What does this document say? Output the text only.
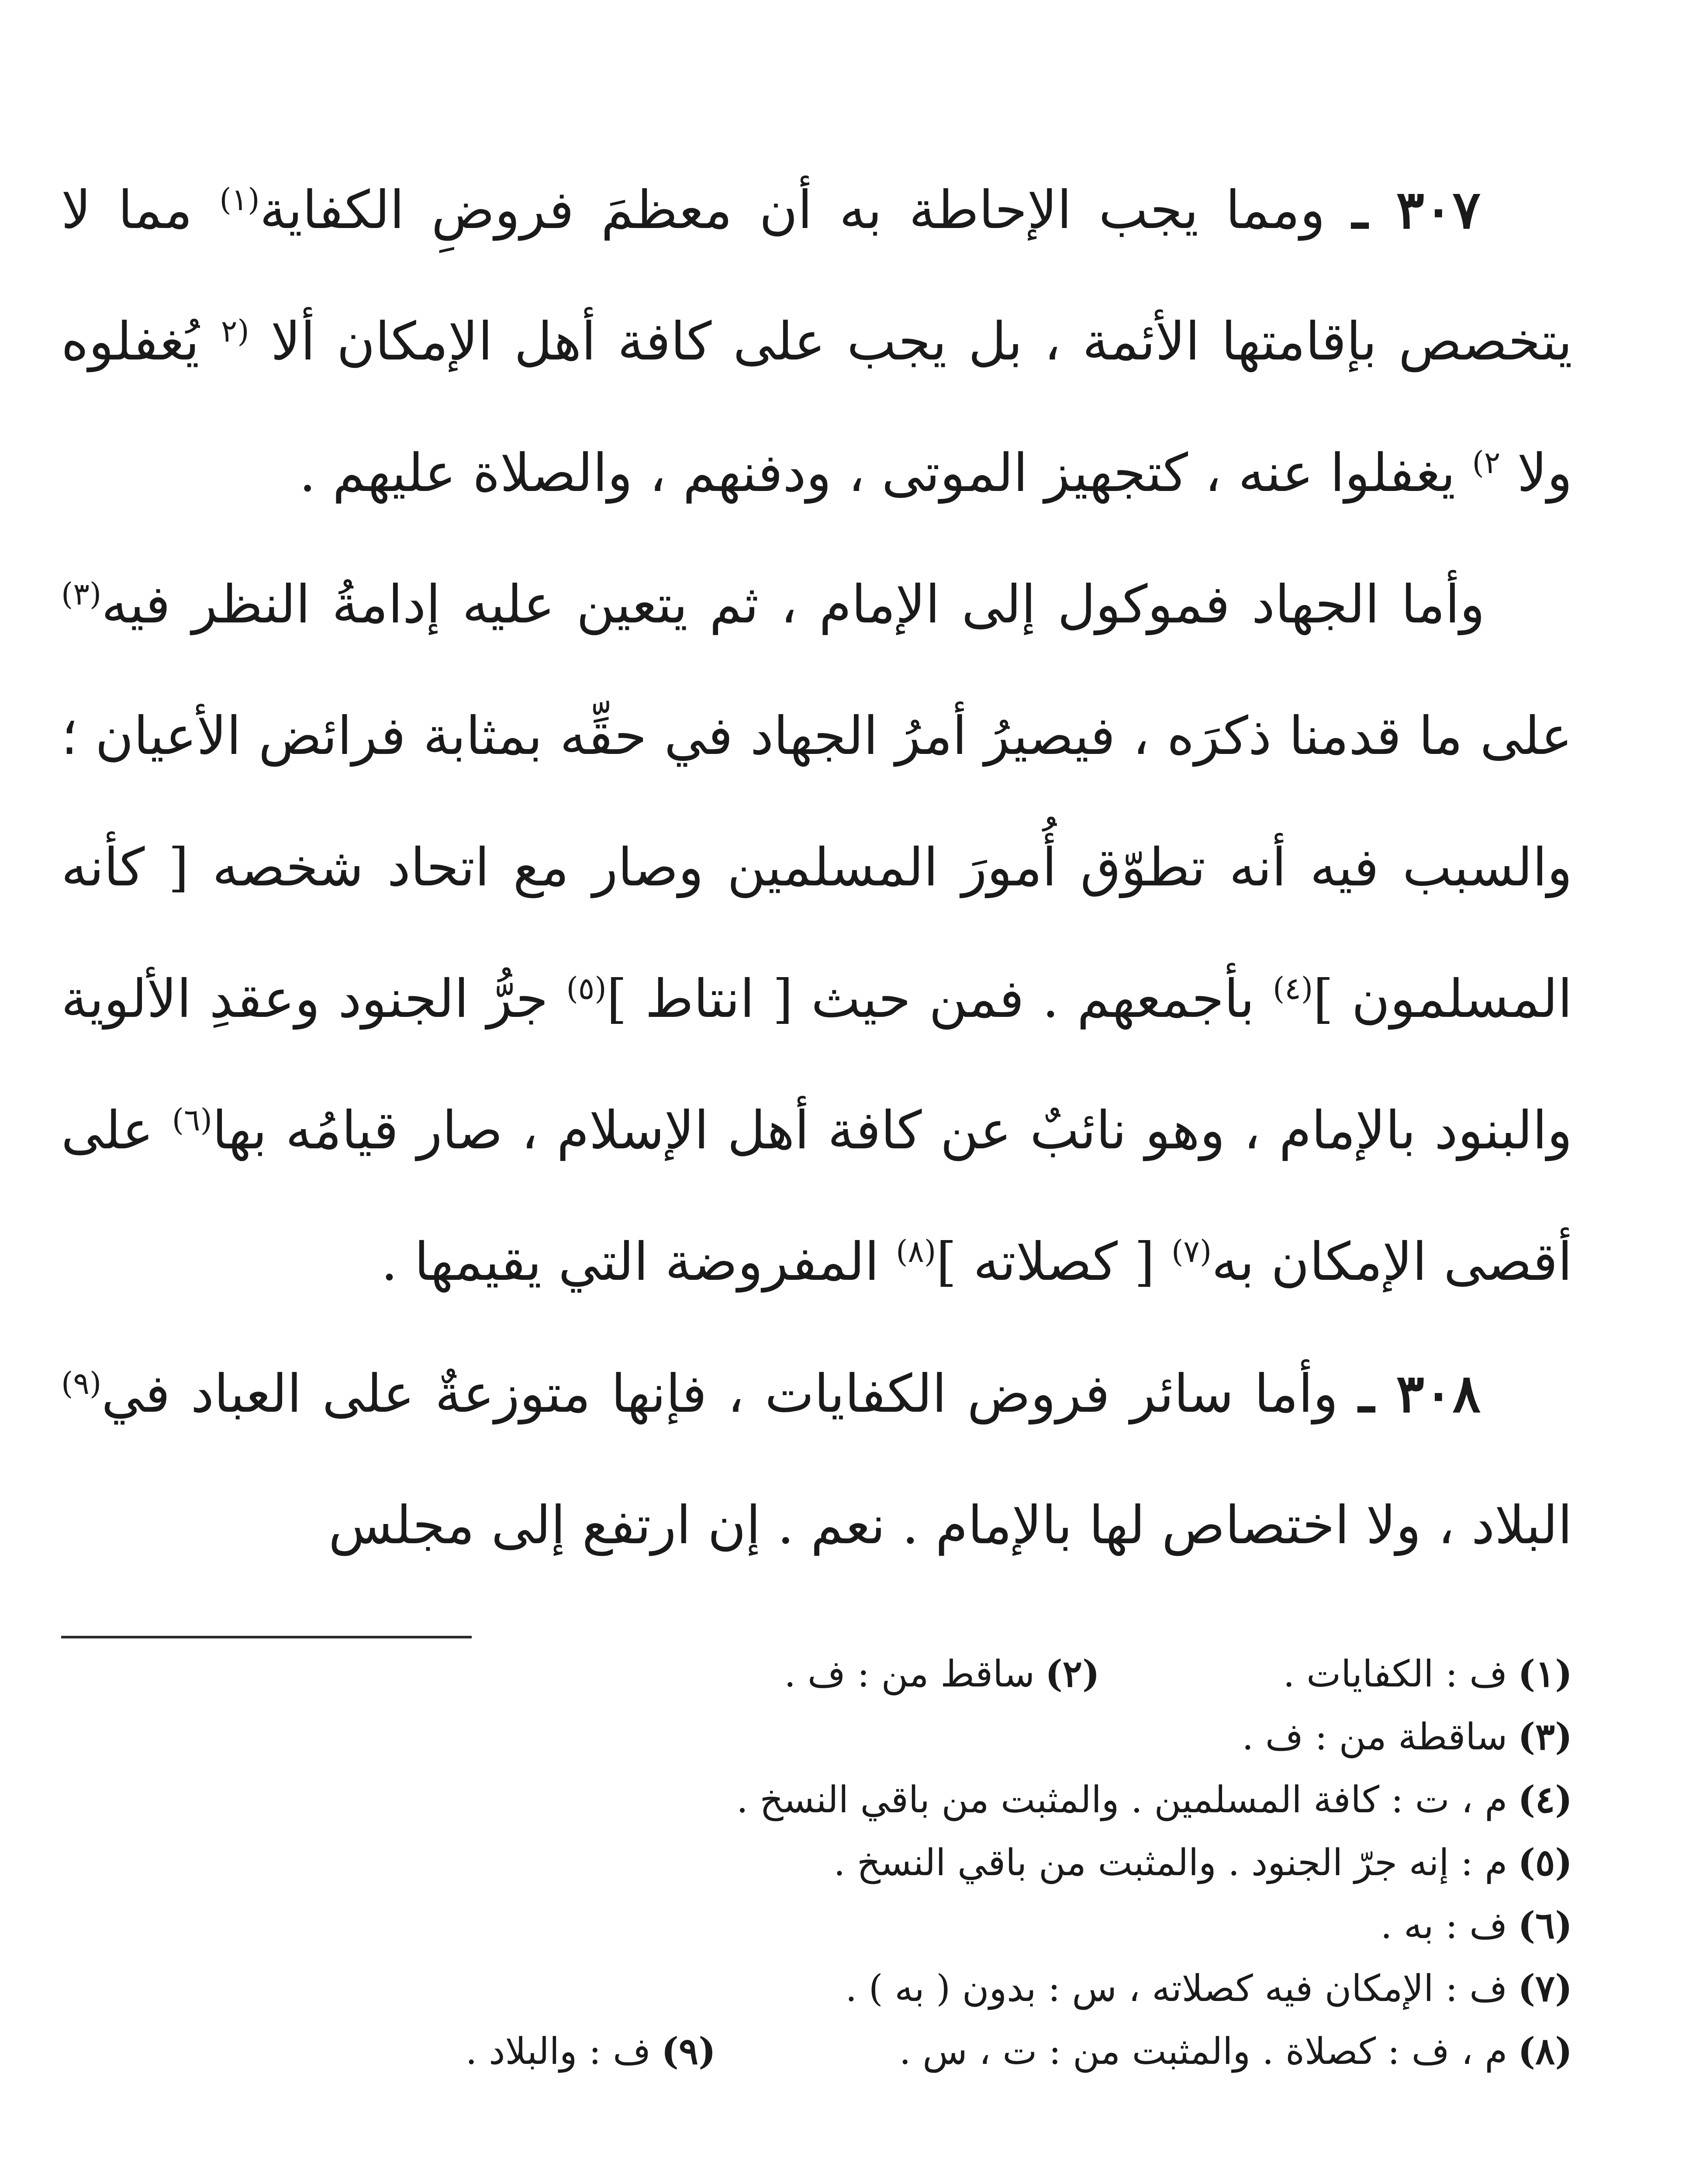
٣٠٧ ـ ومما يجب الإحاطة به أن معظمَ فروضِ الكفاية$^{(١)}$ مما لا يتخصص بإقامتها الأئمة ، بل يجب على كافة أهل الإمكان ألا $^{(٢}$ يُغفلوه ولا $^{٢)}$ يغفلوا عنه ، كتجهيز الموتى ، ودفنهم ، والصلاة عليهم .

وأما الجهاد فموكول إلى الإمام ، ثم يتعين عليه إدامةُ النظر فيه$^{(٣)}$ على ما قدمنا ذكرَه ، فيصيرُ أمرُ الجهاد في حقِّه بمثابة فرائض الأعيان ؛ والسبب فيه أنه تطوّق أُمورَ المسلمين وصار مع اتحاد شخصه [ كأنه المسلمون ]$^{(٤)}$ بأجمعهم . فمن حيث [ انتاط ]$^{(٥)}$ جرُّ الجنود وعقدِ الألوية والبنود بالإمام ، وهو نائبٌ عن كافة أهل الإسلام ، صار قيامُه بها$^{(٦)}$ على أقصى الإمكان به$^{(٧)}$ [ كصلاته ]$^{(٨)}$ المفروضة التي يقيمها .

٣٠٨ ـ وأما سائر فروض الكفايات ، فإنها متوزعةٌ على العباد في$^{(٩)}$ البلاد ، ولا اختصاص لها بالإمام . نعم . إن ارتفع إلى مجلس

(١)ف : الكفايات .(٢)ساقط من : ف .
(٣)ساقطة من : ف .
(٤)م ، ت : كافة المسلمين . والمثبت من باقي النسخ .
(٥)م : إنه جرّ الجنود . والمثبت من باقي النسخ .
(٦)ف : به .
(٧)ف : الإمكان فيه كصلاته ، س : بدون ( به ) .
(٨)م ، ف : كصلاة . والمثبت من : ت ، س .(٩)ف : والبلاد .
